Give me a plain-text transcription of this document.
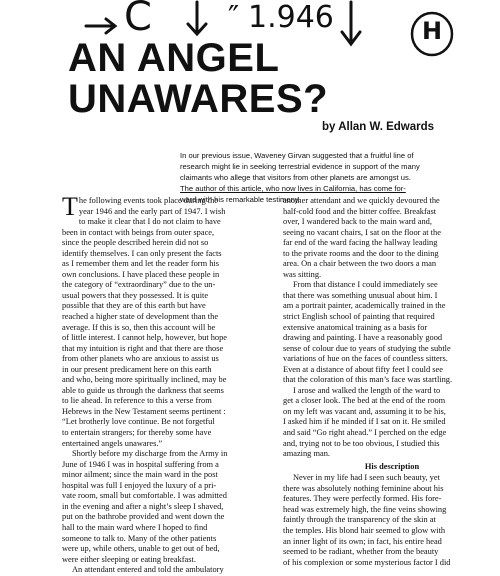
C	″ 1.946	H
AN ANGEL
UNAWARES?

by Allan W. Edwards

In our previous issue, Waveney Girvan suggested that a fruitful line of
research might lie in seeking terrestrial evidence in support of the many
claimants who allege that visitors from other planets are amongst us.
The author of this article, who now lives in California, has come for-
ward with his remarkable testimony.

The following events took place during the

year 1946 and the early part of 1947. I wish

to make it clear that I do not claim to have

been in contact with beings from outer space,

since the people described herein did not so

identify themselves. I can only present the facts

as I remember them and let the reader form his

own conclusions. I have placed these people in

the category of “extraordinary” due to the un-

usual powers that they possessed. It is quite

possible that they are of this earth but have

reached a higher state of development than the

average. If this is so, then this account will be

of little interest. I cannot help, however, but hope

that my intuition is right and that there are those

from other planets who are anxious to assist us

in our present predicament here on this earth

and who, being more spiritually inclined, may be

able to guide us through the darkness that seems

to lie ahead. In reference to this a verse from

Hebrews in the New Testament seems pertinent :

“Let brotherly love continue. Be not forgetful

to entertain strangers; for thereby some have

entertained angels unawares.”

Shortly before my discharge from the Army in

June of 1946 I was in hospital suffering from a

minor ailment; since the main ward in the post

hospital was full I enjoyed the luxury of a pri-

vate room, small but comfortable. I was admitted

in the evening and after a night’s sleep I shaved,

put on the bathrobe provided and went down the

hall to the main ward where I hoped to find

someone to talk to. Many of the other patients

were up, while others, unable to get out of bed,

were either sleeping or eating breakfast.

An attendant entered and told the ambulatory

another attendant and we quickly devoured the

half-cold food and the bitter coffee. Breakfast

over, I wandered back to the main ward and,

seeing no vacant chairs, I sat on the floor at the

far end of the ward facing the hallway leading

to the private rooms and the door to the dining

area. On a chair between the two doors a man

was sitting.

From that distance I could immediately see

that there was something unusual about him. I

am a portrait painter, academically trained in the

strict English school of painting that required

extensive anatomical training as a basis for

drawing and painting. I have a reasonably good

sense of colour due to years of studying the subtle

variations of hue on the faces of countless sitters.

Even at a distance of about fifty feet I could see

that the coloration of this man’s face was startling.

I arose and walked the length of the ward to

get a closer look. The bed at the end of the room

on my left was vacant and, assuming it to be his,

I asked him if he minded if I sat on it. He smiled

and said “Go right ahead.” I perched on the edge

and, trying not to be too obvious, I studied this

amazing man.

His description

Never in my life had I seen such beauty, yet

there was absolutely nothing feminine about his

features. They were perfectly formed. His fore-

head was extremely high, the fine veins showing

faintly through the transparency of the skin at

the temples. His blond hair seemed to glow with

an inner light of its own; in fact, his entire head

seemed to be radiant, whether from the beauty

of his complexion or some mysterious factor I did
